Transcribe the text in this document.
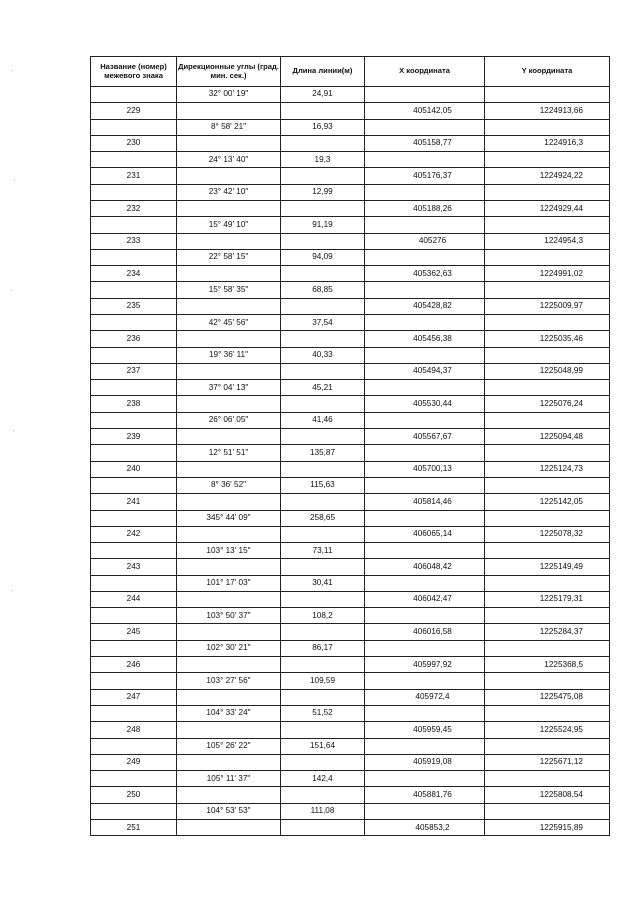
Название (номер) межевого знака	Дирекционные углы (град. мин. сек.)	Длина линии(м)	X координата	Y координата
	32° 00' 19"	24,91		
229			405142,05	1224913,66
	8° 58' 21"	16,93		
230			405158,77	1224916,3
	24° 13' 40"	19,3		
231			405176,37	1224924,22
	23° 42' 10"	12,99		
232			405188,26	1224929,44
	15° 49' 10"	91,19		
233			405276	1224954,3
	22° 58' 15"	94,09		
234			405362,63	1224991,02
	15° 58' 35"	68,85		
235			405428,82	1225009,97
	42° 45' 56"	37,54		
236			405456,38	1225035,46
	19° 36' 11"	40,33		
237			405494,37	1225048,99
	37° 04' 13"	45,21		
238			405530,44	1225076,24
	26° 06' 05"	41,46		
239			405567,67	1225094,48
	12° 51' 51"	135,87		
240			405700,13	1225124,73
	8° 36' 52"	115,63		
241			405814,46	1225142,05
	345° 44' 09"	258,65		
242			406065,14	1225078,32
	103° 13' 15"	73,11		
243			406048,42	1225149,49
	101° 17' 03"	30,41		
244			406042,47	1225179,31
	103° 50' 37"	108,2		
245			406016,58	1225284,37
	102° 30' 21"	86,17		
246			405997,92	1225368,5
	103° 27' 56"	109,59		
247			405972,4	1225475,08
	104° 33' 24"	51,52		
248			405959,45	1225524,95
	105° 26' 22"	151,64		
249			405919,08	1225671,12
	105° 11' 37"	142,4		
250			405881,76	1225808,54
	104° 53' 53"	111,08		
251			405853,2	1225915,89
